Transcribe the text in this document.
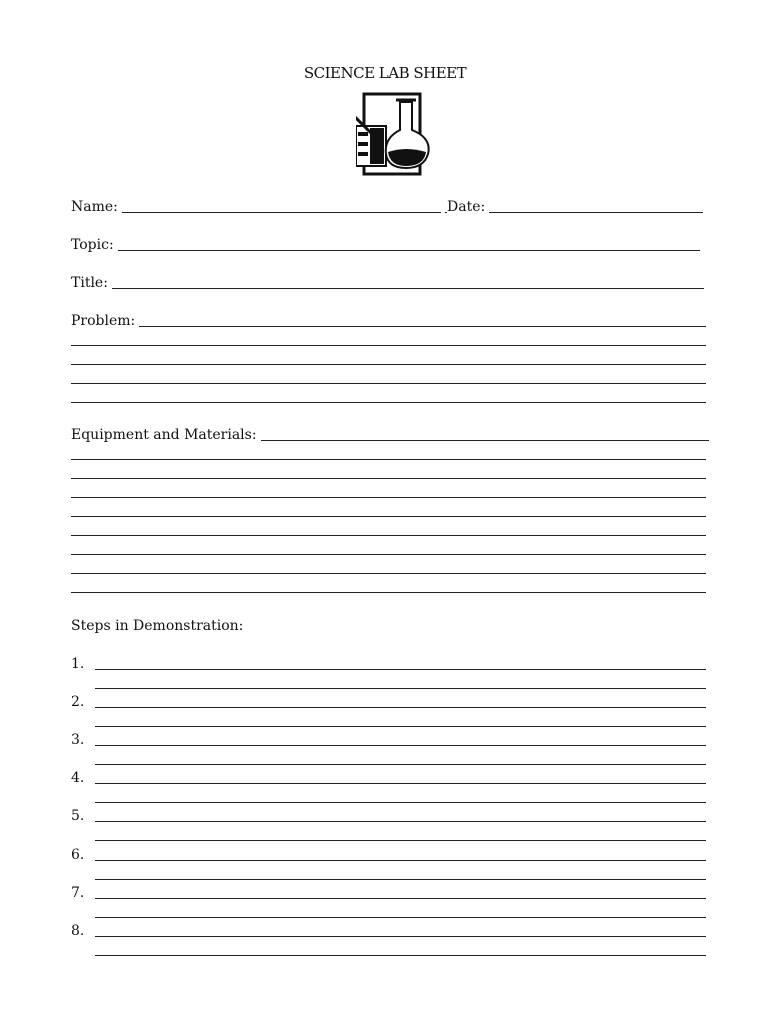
SCIENCE LAB SHEET
Name:	Date:
Topic:
Title:
Problem:
Equipment and Materials:
Steps in Demonstration:
1.
2.
3.
4.
5.
6.
7.
8.
